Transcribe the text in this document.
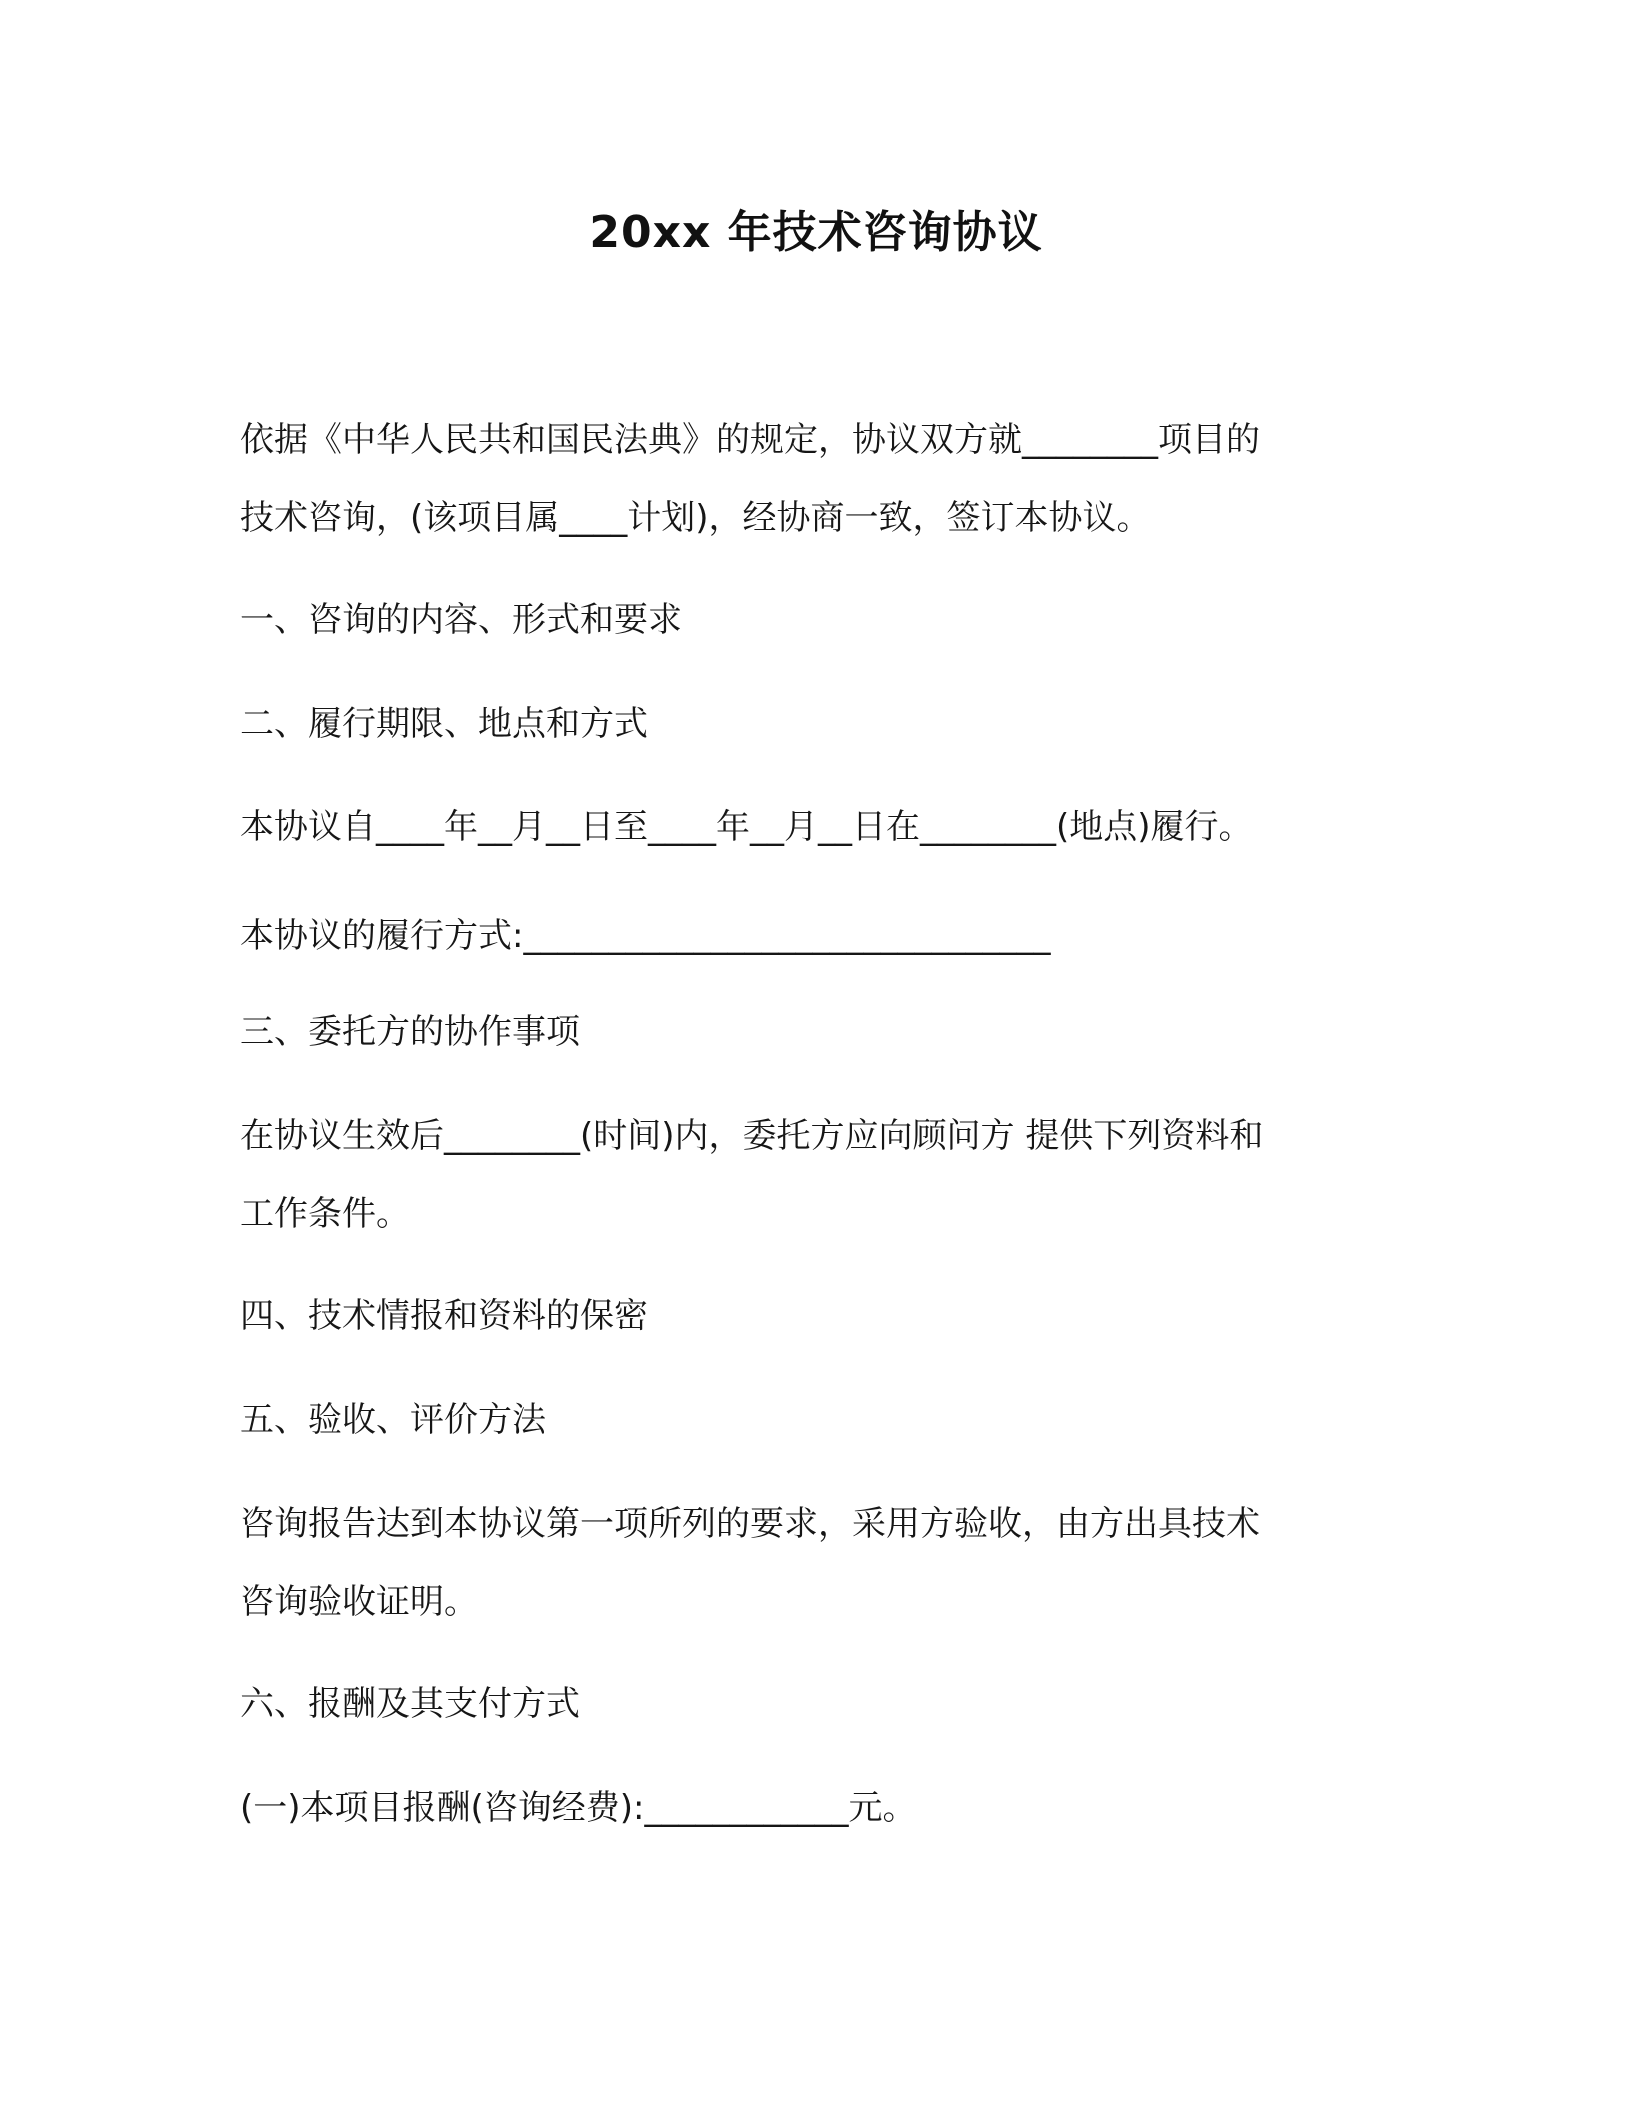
20xx 年技术咨询协议
依据《中华人民共和国民法典》的规定，协议双方就________项目的
技术咨询，(该项目属____计划)，经协商一致，签订本协议。
一、咨询的内容、形式和要求
二、履行期限、地点和方式
本协议自____年__月__日至____年__月__日在________(地点)履行。
本协议的履行方式:_______________________________
三、委托方的协作事项
在协议生效后________(时间)内，委托方应向顾问方 提供下列资料和
工作条件。
四、技术情报和资料的保密
五、验收、评价方法
咨询报告达到本协议第一项所列的要求，采用方验收，由方出具技术
咨询验收证明。
六、报酬及其支付方式
(一)本项目报酬(咨询经费):____________元。
